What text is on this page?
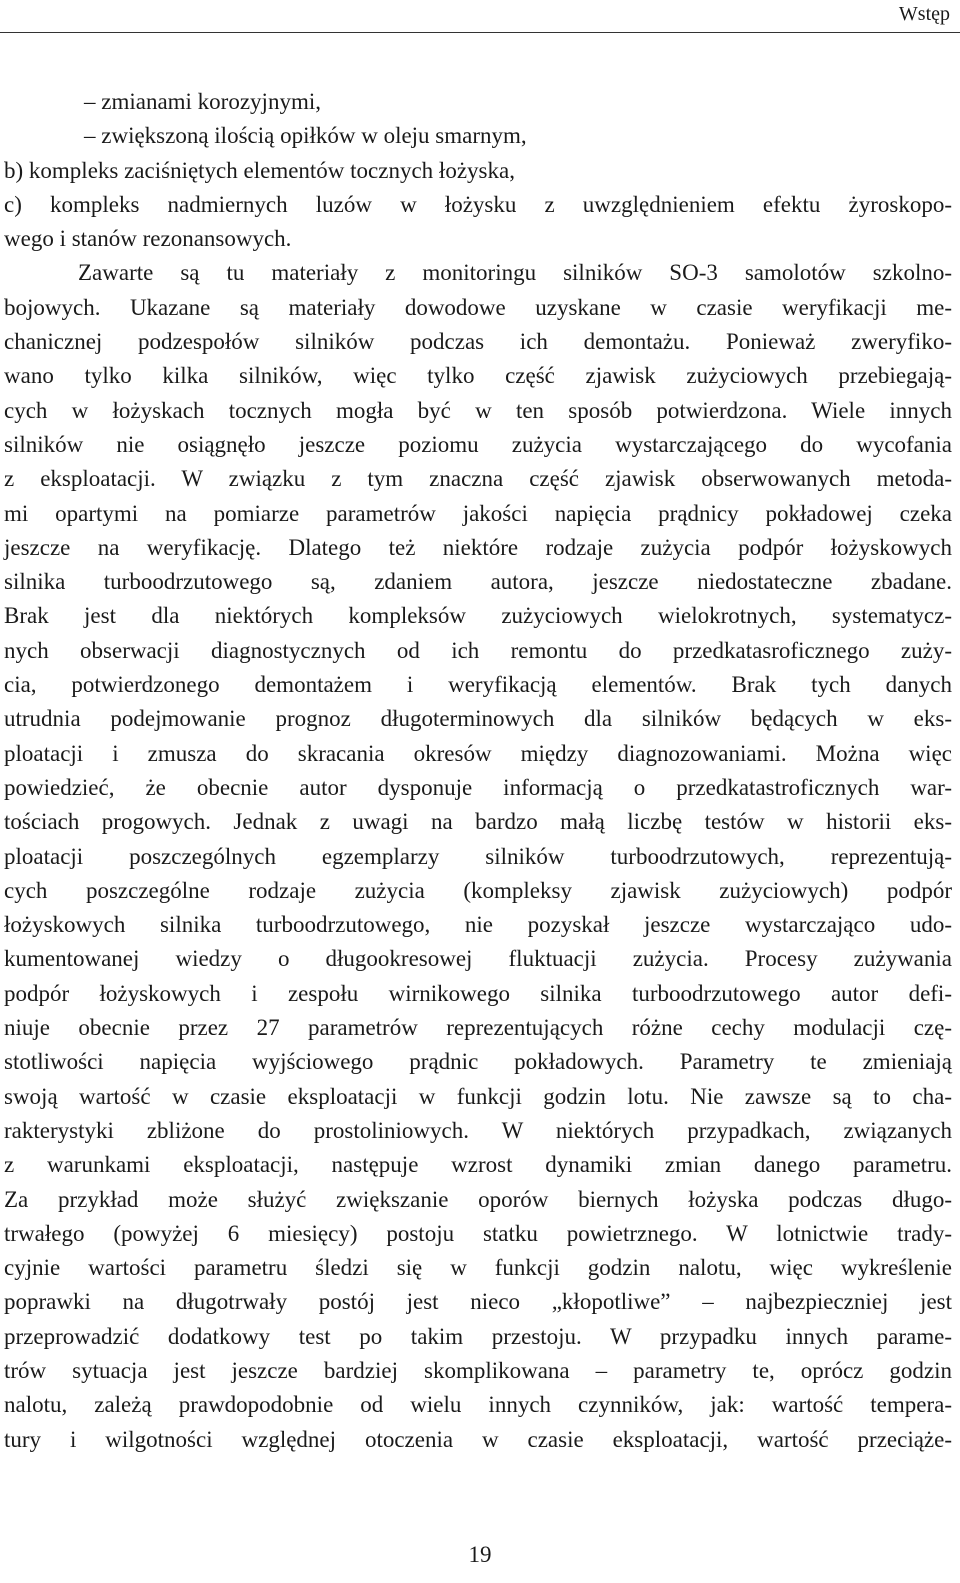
Wstęp
– zmianami korozyjnymi,
– zwiększoną ilością opiłków w oleju smarnym,
b) kompleks zaciśniętych elementów tocznych łożyska,
c) kompleks nadmiernych luzów w łożysku z uwzględnieniem efektu żyroskopo-
wego i stanów rezonansowych.
Zawarte są tu materiały z monitoringu silników SO-3 samolotów szkolno-
bojowych. Ukazane są materiały dowodowe uzyskane w czasie weryfikacji me-
chanicznej podzespołów silników podczas ich demontażu. Ponieważ zweryfiko-
wano tylko kilka silników, więc tylko część zjawisk zużyciowych przebiegają-
cych w łożyskach tocznych mogła być w ten sposób potwierdzona. Wiele innych
silników nie osiągnęło jeszcze poziomu zużycia wystarczającego do wycofania
z eksploatacji. W związku z tym znaczna część zjawisk obserwowanych metoda-
mi opartymi na pomiarze parametrów jakości napięcia prądnicy pokładowej czeka
jeszcze na weryfikację. Dlatego też niektóre rodzaje zużycia podpór łożyskowych
silnika turboodrzutowego są, zdaniem autora, jeszcze niedostateczne zbadane.
Brak jest dla niektórych kompleksów zużyciowych wielokrotnych, systematycz-
nych obserwacji diagnostycznych od ich remontu do przedkatasroficznego zuży-
cia, potwierdzonego demontażem i weryfikacją elementów. Brak tych danych
utrudnia podejmowanie prognoz długoterminowych dla silników będących w eks-
ploatacji i zmusza do skracania okresów między diagnozowaniami. Można więc
powiedzieć, że obecnie autor dysponuje informacją o przedkatastroficznych war-
tościach progowych. Jednak z uwagi na bardzo małą liczbę testów w historii eks-
ploatacji poszczególnych egzemplarzy silników turboodrzutowych, reprezentują-
cych poszczególne rodzaje zużycia (kompleksy zjawisk zużyciowych) podpór
łożyskowych silnika turboodrzutowego, nie pozyskał jeszcze wystarczająco udo-
kumentowanej wiedzy o długookresowej fluktuacji zużycia. Procesy zużywania
podpór łożyskowych i zespołu wirnikowego silnika turboodrzutowego autor defi-
niuje obecnie przez 27 parametrów reprezentujących różne cechy modulacji czę-
stotliwości napięcia wyjściowego prądnic pokładowych. Parametry te zmieniają
swoją wartość w czasie eksploatacji w funkcji godzin lotu. Nie zawsze są to cha-
rakterystyki zbliżone do prostoliniowych. W niektórych przypadkach, związanych
z warunkami eksploatacji, następuje wzrost dynamiki zmian danego parametru.
Za przykład może służyć zwiększanie oporów biernych łożyska podczas długo-
trwałego (powyżej 6 miesięcy) postoju statku powietrznego. W lotnictwie trady-
cyjnie wartości parametru śledzi się w funkcji godzin nalotu, więc wykreślenie
poprawki na długotrwały postój jest nieco „kłopotliwe” – najbezpieczniej jest
przeprowadzić dodatkowy test po takim przestoju. W przypadku innych parame-
trów sytuacja jest jeszcze bardziej skomplikowana – parametry te, oprócz godzin
nalotu, zależą prawdopodobnie od wielu innych czynników, jak: wartość tempera-
tury i wilgotności względnej otoczenia w czasie eksploatacji, wartość przeciąże-
19
